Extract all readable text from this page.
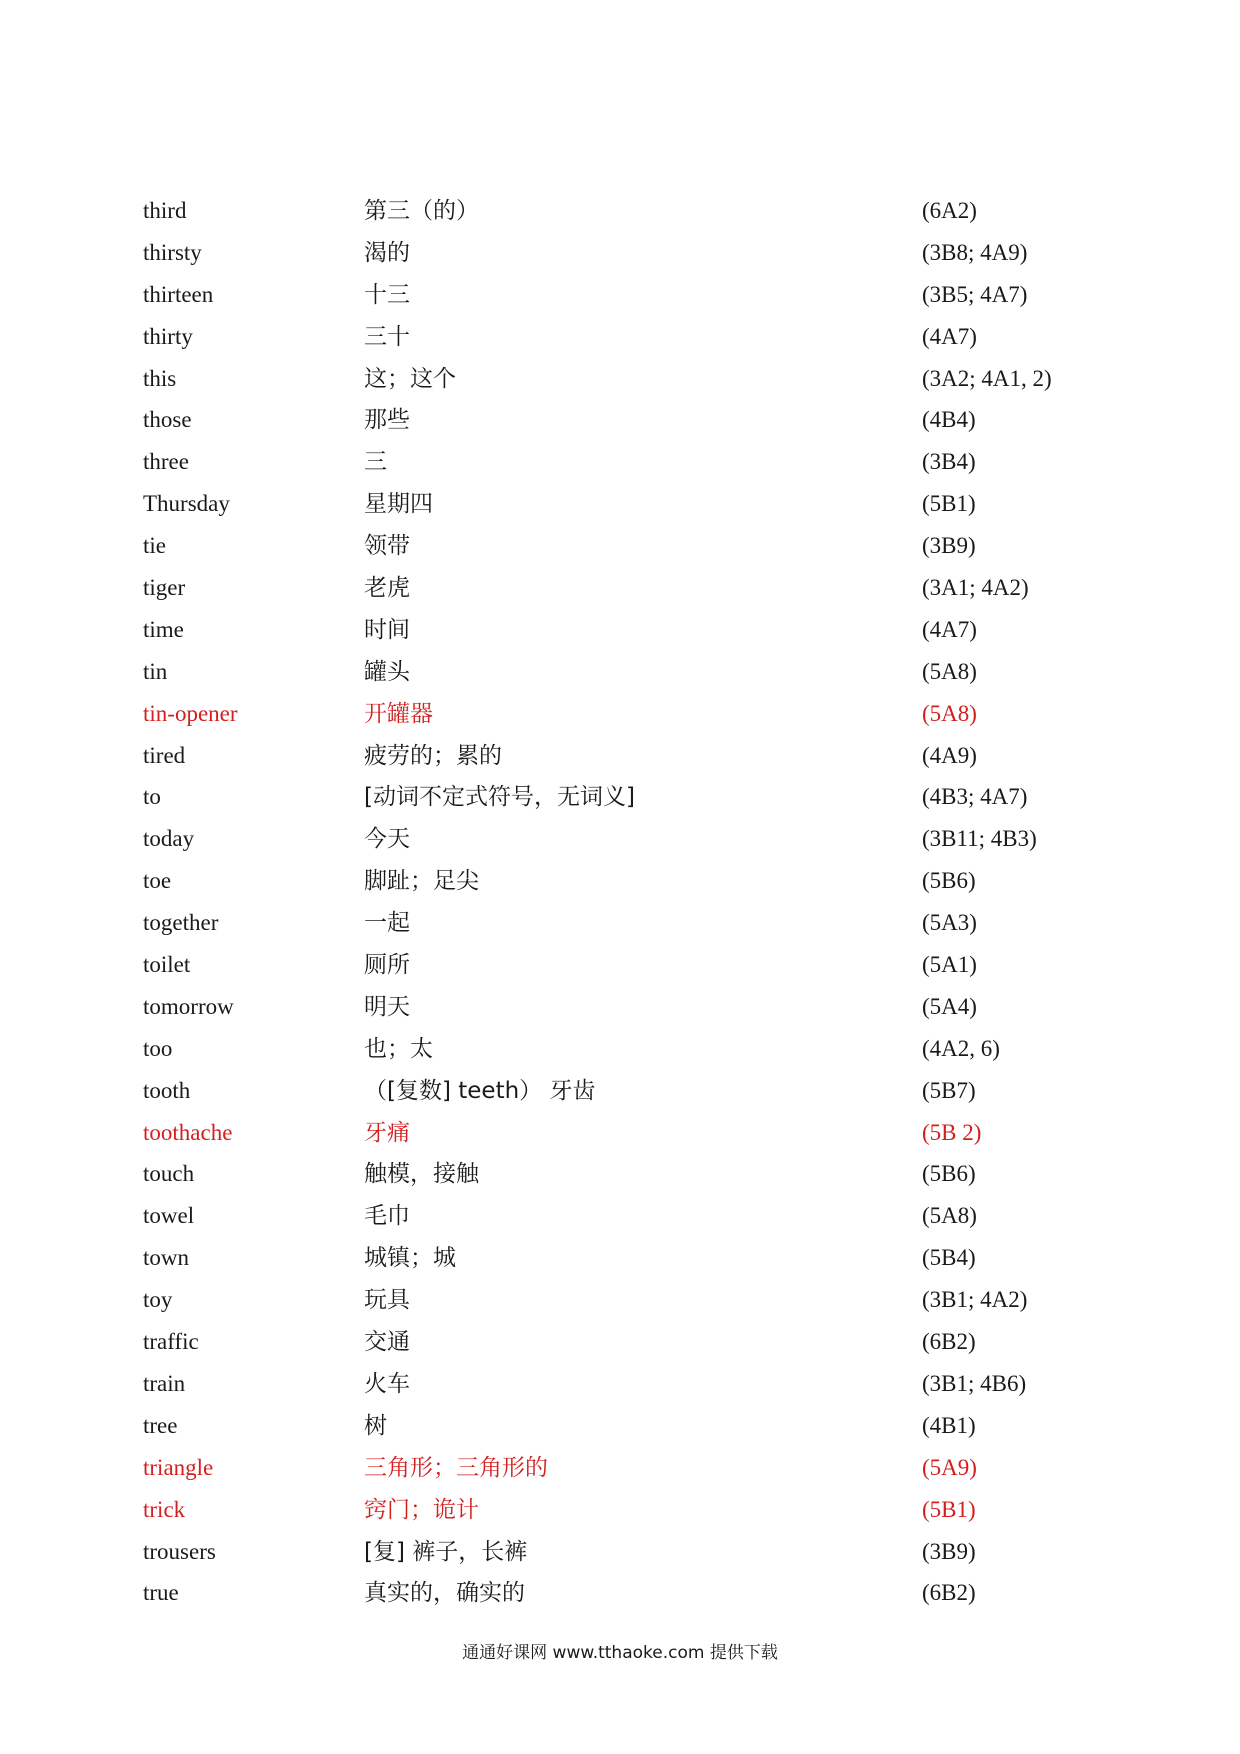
third	第三（的）	(6A2)
thirsty	渴的	(3B8; 4A9)
thirteen	十三	(3B5; 4A7)
thirty	三十	(4A7)
this	这；这个	(3A2; 4A1, 2)
those	那些	(4B4)
three	三	(3B4)
Thursday	星期四	(5B1)
tie	领带	(3B9)
tiger	老虎	(3A1; 4A2)
time	时间	(4A7)
tin	罐头	(5A8)
tin-opener	开罐器	(5A8)
tired	疲劳的；累的	(4A9)
to	[动词不定式符号，无词义]	(4B3; 4A7)
today	今天	(3B11; 4B3)
toe	脚趾；足尖	(5B6)
together	一起	(5A3)
toilet	厕所	(5A1)
tomorrow	明天	(5A4)
too	也；太	(4A2, 6)
tooth	（[复数] teeth） 牙齿	(5B7)
toothache	牙痛	(5B 2)
touch	触模，接触	(5B6)
towel	毛巾	(5A8)
town	城镇；城	(5B4)
toy	玩具	(3B1; 4A2)
traffic	交通	(6B2)
train	火车	(3B1; 4B6)
tree	树	(4B1)
triangle	三角形；三角形的	(5A9)
trick	窍门；诡计	(5B1)
trousers	[复] 裤子，长裤	(3B9)
true	真实的，确实的	(6B2)
通通好课网 www.tthaoke.com 提供下载
